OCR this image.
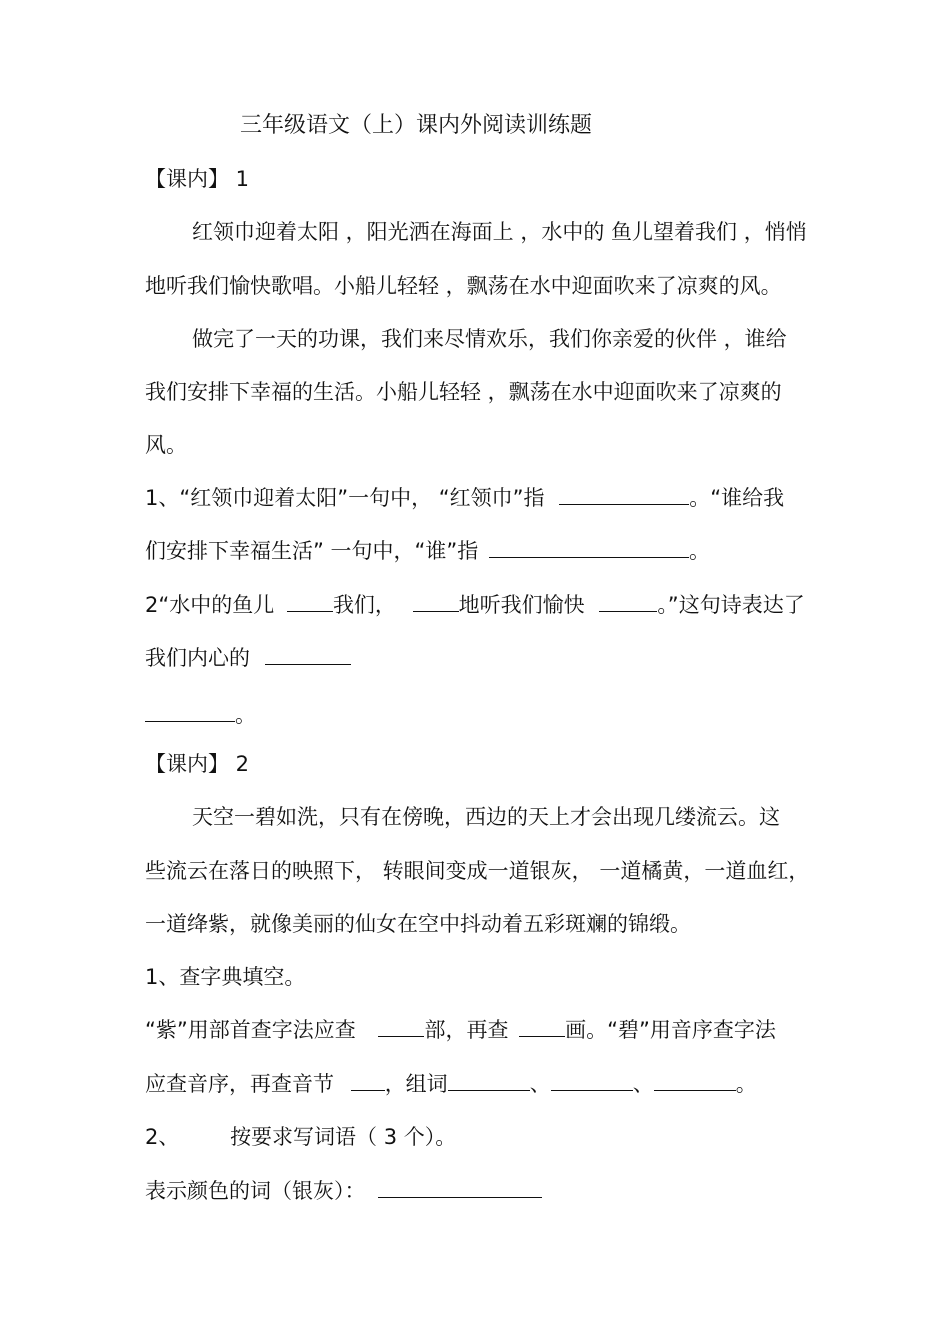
三年级语文（上）课内外阅读训练题
【课内】 1
红领巾迎着太阳 ，阳光洒在海面上 ，水中的 鱼儿望着我们 ，悄悄
地听我们愉快歌唱。小船儿轻轻 ，飘荡在水中迎面吹来了凉爽的风。
做完了一天的功课，我们来尽情欢乐，我们你亲爱的伙伴 ，谁给
我们安排下幸福的生活。小船儿轻轻 ，飘荡在水中迎面吹来了凉爽的
风。
1、“红领巾迎着太阳”一句中， “红领巾”指	。“谁给我
们安排下幸福生活” 一句中，“谁”指	。
2“水中的鱼儿	我们，	地听我们愉快	。”这句诗表达了
我们内心的
。
【课内】 2
天空一碧如洗，只有在傍晚，西边的天上才会出现几缕流云。这
些流云在落日的映照下， 转眼间变成一道银灰， 一道橘黄，一道血红，
一道绛紫，就像美丽的仙女在空中抖动着五彩斑斓的锦缎。
1、查字典填空。
“紫”用部首查字法应查	部，再查	画。“碧”用音序查字法
应查音序，再查音节 ，组词	、	、	。
2、 按要求写词语（ 3 个）。
表示颜色的词（银灰）：
